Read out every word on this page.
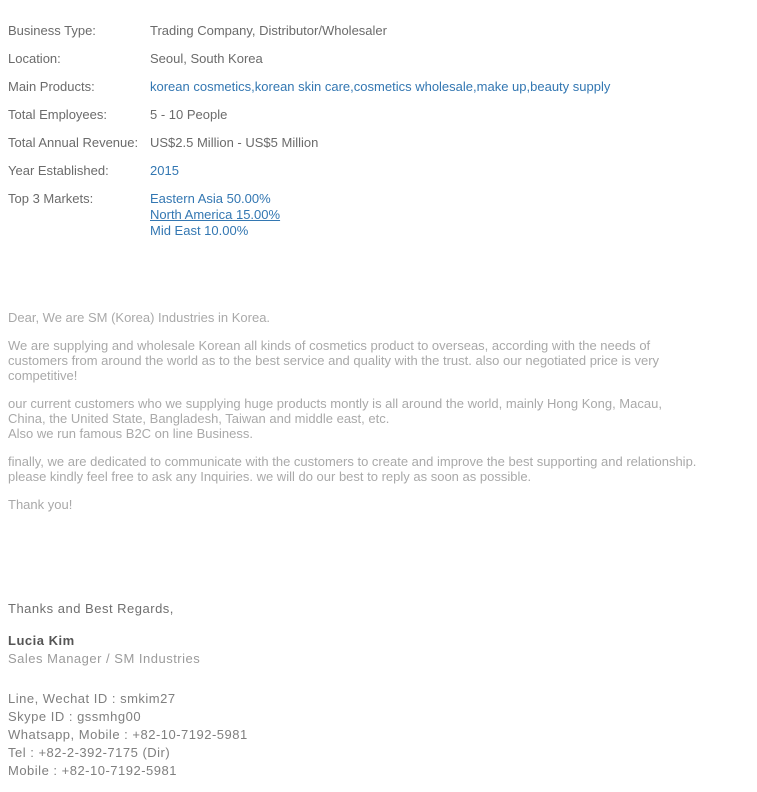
Business Type:	Trading Company, Distributor/Wholesaler
Location:	Seoul, South Korea
Main Products:	korean cosmetics,korean skin care,cosmetics wholesale,make up,beauty supply
Total Employees:	5 - 10 People
Total Annual Revenue: US$2.5 Million - US$5 Million
Year Established:	2015
Top 3 Markets:	Eastern Asia 50.00%
North America 15.00%
Mid East 10.00%

Dear, We are SM (Korea) Industries in Korea.

We are supplying and wholesale Korean all kinds of cosmetics product to overseas, according with the needs of
customers from around the world as to the best service and quality with the trust. also our negotiated price is very
competitive!

our current customers who we supplying huge products montly is all around the world, mainly Hong Kong, Macau,
China, the United State, Bangladesh, Taiwan and middle east, etc.
Also we run famous B2C on line Business.

finally, we are dedicated to communicate with the customers to create and improve the best supporting and relationship.
please kindly feel free to ask any Inquiries. we will do our best to reply as soon as possible.

Thank you!

Thanks and Best Regards,
Lucia Kim
Sales Manager / SM Industries
Line, Wechat ID : smkim27
Skype ID : gssmhg00
Whatsapp, Mobile : +82-10-7192-5981
Tel : +82-2-392-7175 (Dir)
Mobile : +82-10-7192-5981
